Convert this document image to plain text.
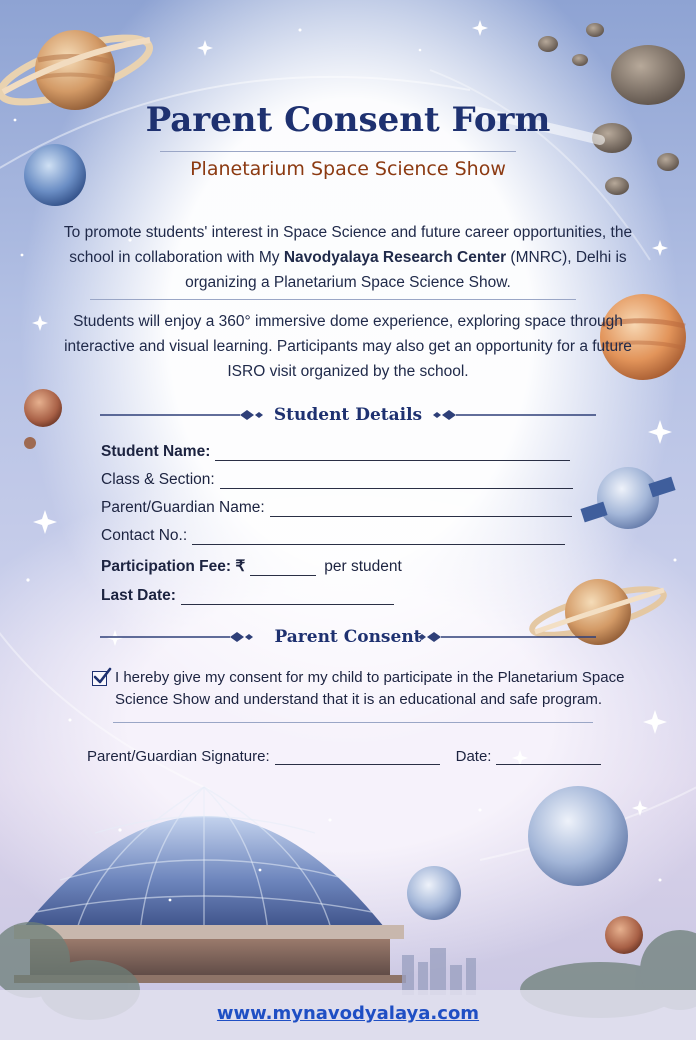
Parent Consent Form
Planetarium Space Science Show
To promote students' interest in Space Science and future career opportunities, the school in collaboration with My Navodyalaya Research Center (MNRC), Delhi is organizing a Planetarium Space Science Show.
Students will enjoy a 360° immersive dome experience, exploring space through interactive and visual learning. Participants may also get an opportunity for a future ISRO visit organized by the school.
Student Details
Student Name:
Class & Section:
Parent/Guardian Name:
Contact No.:
Participation Fee: ₹	per student
Last Date:
Parent Consent
I hereby give my consent for my child to participate in the Planetarium Space Science Show and understand that it is an educational and safe program.
Parent/Guardian Signature:	Date:
www.mynavodyalaya.com
